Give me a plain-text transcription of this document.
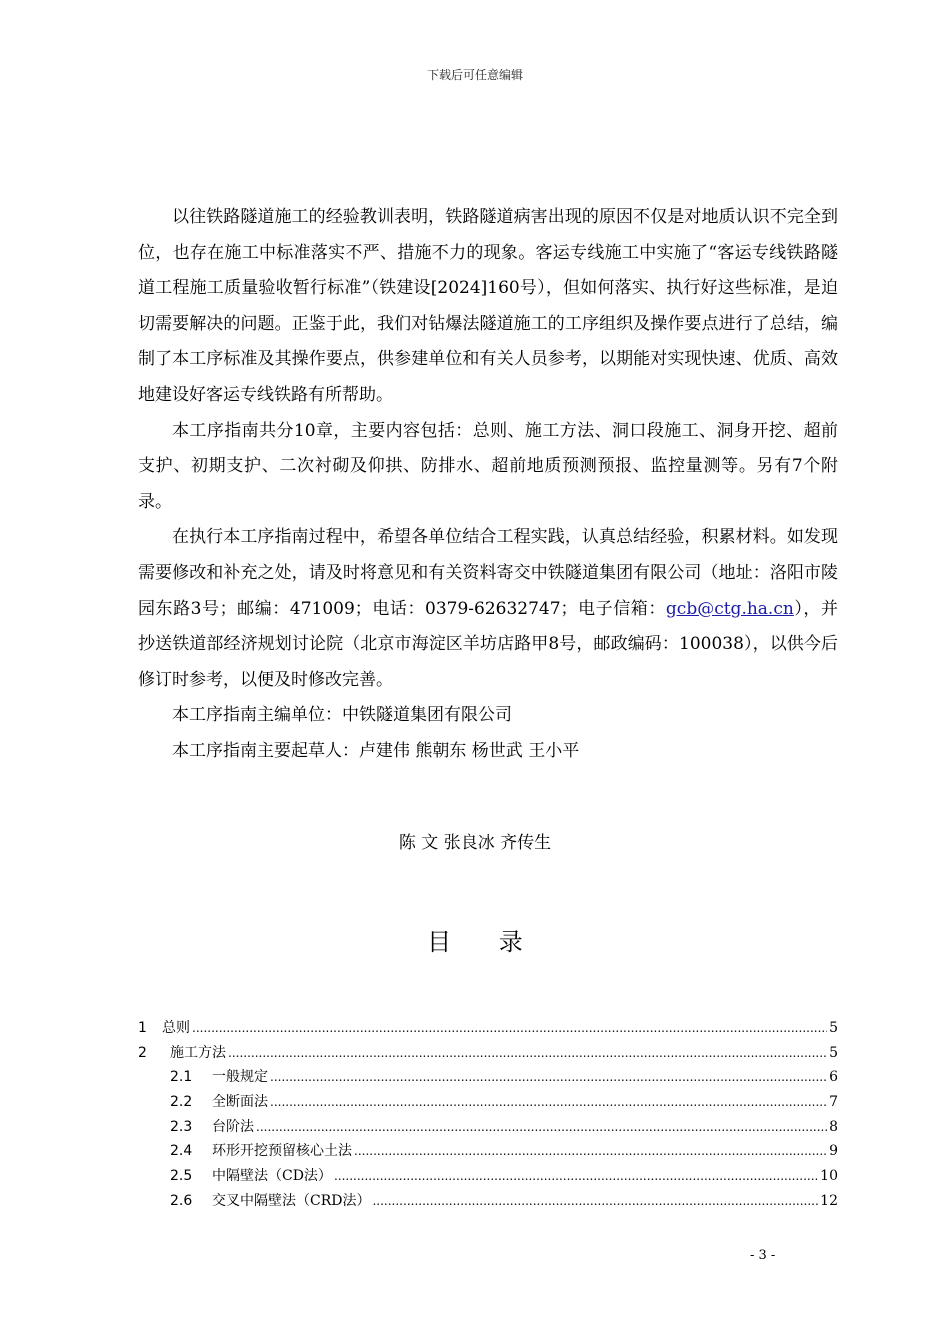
下载后可任意编辑

以往铁路隧道施工的经验教训表明，铁路隧道病害出现的原因不仅是对地质认识不完全到位，也存在施工中标准落实不严、措施不力的现象。客运专线施工中实施了“客运专线铁路隧道工程施工质量验收暂行标准”（铁建设[2024]160号），但如何落实、执行好这些标准，是迫切需要解决的问题。正鉴于此，我们对钻爆法隧道施工的工序组织及操作要点进行了总结，编制了本工序标准及其操作要点，供参建单位和有关人员参考，以期能对实现快速、优质、高效地建设好客运专线铁路有所帮助。

本工序指南共分10章，主要内容包括：总则、施工方法、洞口段施工、洞身开挖、超前支护、初期支护、二次衬砌及仰拱、防排水、超前地质预测预报、监控量测等。另有7个附录。

在执行本工序指南过程中，希望各单位结合工程实践，认真总结经验，积累材料。如发现需要修改和补充之处，请及时将意见和有关资料寄交中铁隧道集团有限公司（地址：洛阳市陵园东路3号；邮编：471009；电话：0379-62632747；电子信箱：gcb@ctg.ha.cn），并抄送铁道部经济规划讨论院（北京市海淀区羊坊店路甲8号，邮政编码：100038），以供今后修订时参考，以便及时修改完善。

本工序指南主编单位：中铁隧道集团有限公司

本工序指南主要起草人：卢建伟 熊朝东 杨世武 王小平

陈 文 张良冰 齐传生
目 录
1	总则 .....	5
2	施工方法 .....	5
2.1	一般规定 .....	6
2.2	全断面法 .....	7
2.3	台阶法 .....	8
2.4	环形开挖预留核心土法 .....	9
2.5	中隔壁法（CD法） .....	10
2.6	交叉中隔壁法（CRD法） .....	12
- 3 -
